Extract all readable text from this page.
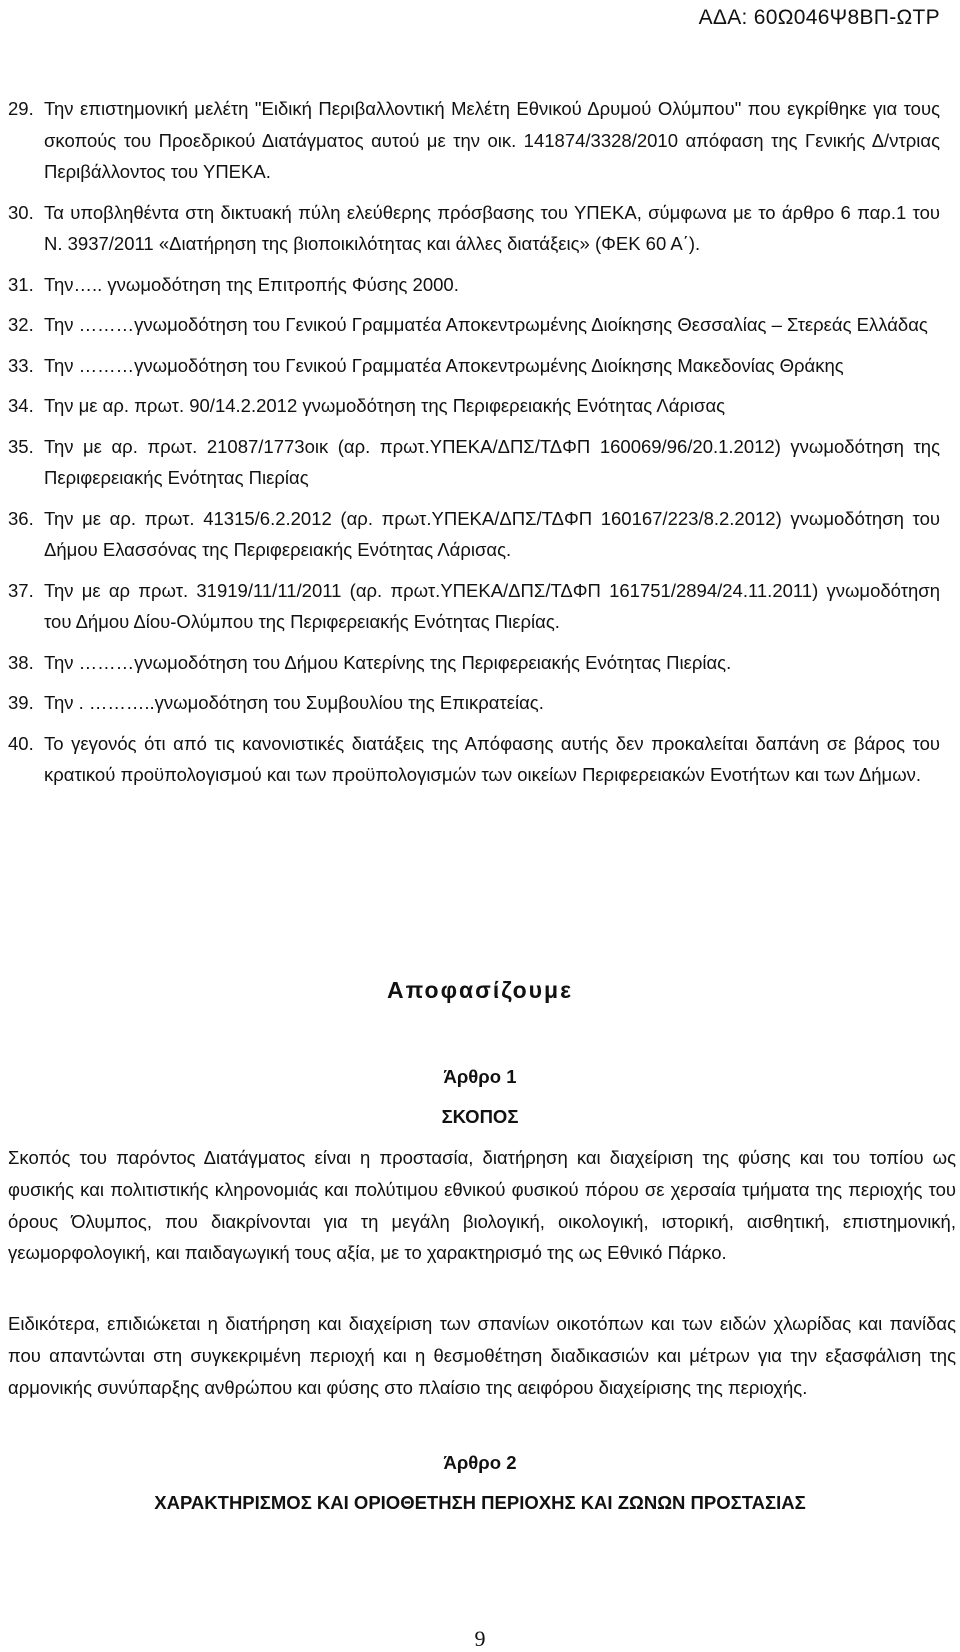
ΑΔΑ: 60Ω046Ψ8ΒΠ-ΩΤΡ
29. Την επιστημονική μελέτη "Ειδική Περιβαλλοντική Μελέτη Εθνικού Δρυμού Ολύμπου" που εγκρίθηκε για τους σκοπούς του Προεδρικού Διατάγματος αυτού με την οικ. 141874/3328/2010 απόφαση της Γενικής Δ/ντριας Περιβάλλοντος του ΥΠΕΚΑ.
30. Τα υποβληθέντα στη δικτυακή πύλη ελεύθερης πρόσβασης του ΥΠΕΚΑ, σύμφωνα με το άρθρο 6 παρ.1 του Ν. 3937/2011 «Διατήρηση της βιοποικιλότητας και άλλες διατάξεις» (ΦΕΚ 60 Α΄).
31. Την….. γνωμοδότηση της Επιτροπής Φύσης 2000.
32. Την ………γνωμοδότηση του Γενικού Γραμματέα Αποκεντρωμένης Διοίκησης Θεσσαλίας – Στερεάς Ελλάδας
33. Την ………γνωμοδότηση του Γενικού Γραμματέα Αποκεντρωμένης Διοίκησης Μακεδονίας Θράκης
34. Την με αρ. πρωτ. 90/14.2.2012 γνωμοδότηση της Περιφερειακής Ενότητας Λάρισας
35. Την με αρ. πρωτ. 21087/1773οικ (αρ. πρωτ.ΥΠΕΚΑ/ΔΠΣ/ΤΔΦΠ 160069/96/20.1.2012) γνωμοδότηση της Περιφερειακής Ενότητας Πιερίας
36. Την με αρ. πρωτ. 41315/6.2.2012 (αρ. πρωτ.ΥΠΕΚΑ/ΔΠΣ/ΤΔΦΠ 160167/223/8.2.2012) γνωμοδότηση του Δήμου Ελασσόνας της Περιφερειακής Ενότητας Λάρισας.
37. Την με αρ πρωτ. 31919/11/11/2011 (αρ. πρωτ.ΥΠΕΚΑ/ΔΠΣ/ΤΔΦΠ 161751/2894/24.11.2011) γνωμοδότηση του Δήμου Δίου-Ολύμπου της Περιφερειακής Ενότητας Πιερίας.
38. Την ………γνωμοδότηση του Δήμου Κατερίνης της Περιφερειακής Ενότητας Πιερίας.
39. Την . ………..γνωμοδότηση του Συμβουλίου της Επικρατείας.
40. Το γεγονός ότι από τις κανονιστικές διατάξεις της Απόφασης αυτής δεν προκαλείται δαπάνη σε βάρος του κρατικού προϋπολογισμού και των προϋπολογισμών των οικείων Περιφερειακών Ενοτήτων και των Δήμων.
Αποφασίζουμε
Άρθρο 1
ΣΚΟΠΟΣ
Σκοπός του παρόντος Διατάγματος είναι η προστασία, διατήρηση και διαχείριση της φύσης και του τοπίου ως φυσικής και πολιτιστικής κληρονομιάς και πολύτιμου εθνικού φυσικού πόρου σε χερσαία τμήματα της περιοχής του όρους Όλυμπος, που διακρίνονται για τη μεγάλη βιολογική, οικολογική, ιστορική, αισθητική, επιστημονική, γεωμορφολογική, και παιδαγωγική τους αξία, με το χαρακτηρισμό της ως Εθνικό Πάρκο.
Ειδικότερα, επιδιώκεται η διατήρηση και διαχείριση των σπανίων οικοτόπων και των ειδών χλωρίδας και πανίδας που απαντώνται στη συγκεκριμένη περιοχή και η θεσμοθέτηση διαδικασιών και μέτρων για την εξασφάλιση της αρμονικής συνύπαρξης ανθρώπου και φύσης στο πλαίσιο της αειφόρου διαχείρισης της περιοχής.
Άρθρο 2
ΧΑΡΑΚΤΗΡΙΣΜΟΣ ΚΑΙ ΟΡΙΟΘΕΤΗΣΗ ΠΕΡΙΟΧΗΣ ΚΑΙ ΖΩΝΩΝ ΠΡΟΣΤΑΣΙΑΣ
9
